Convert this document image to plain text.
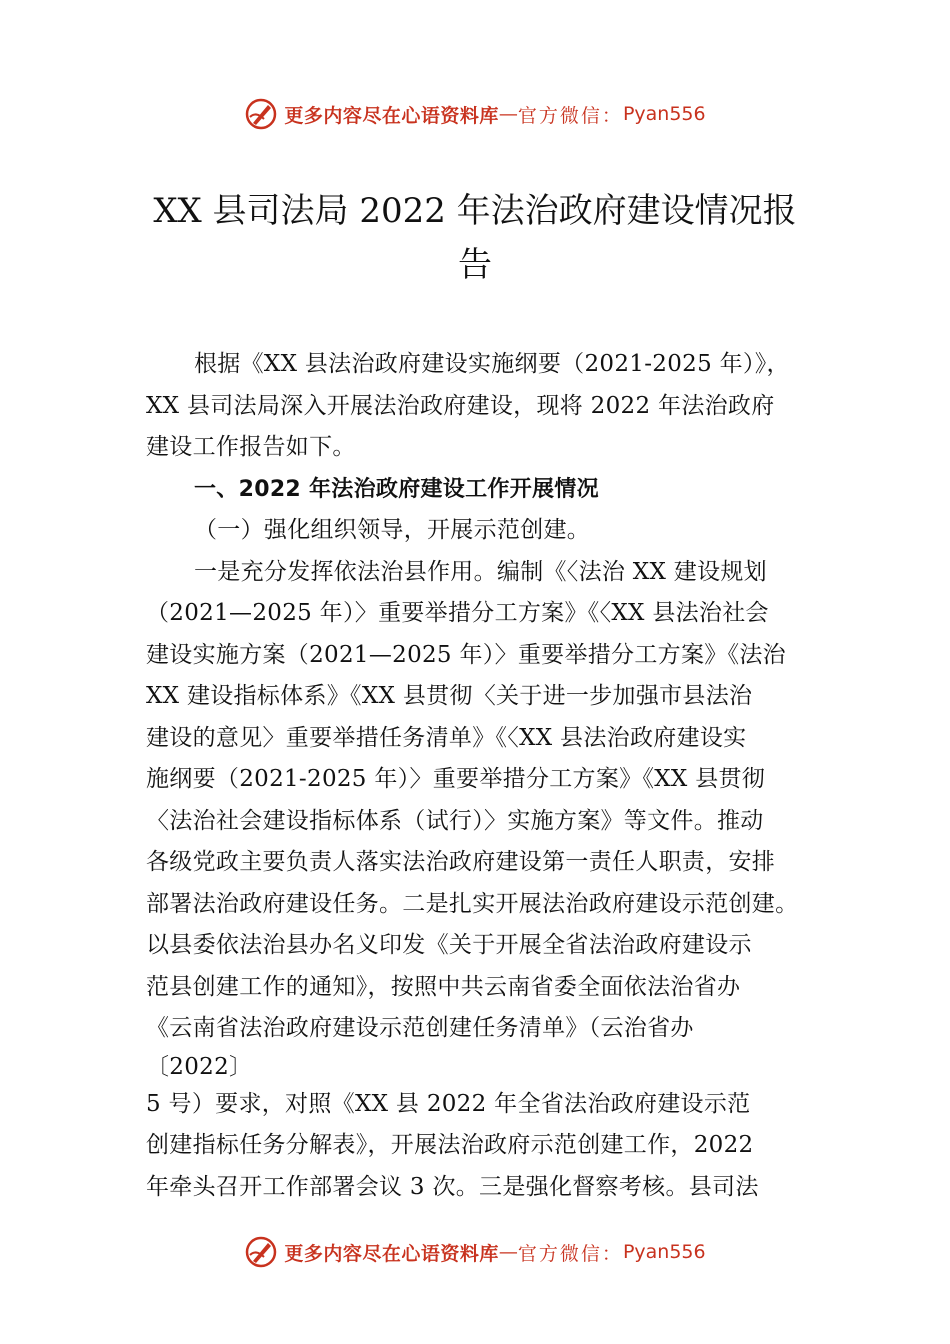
更多内容尽在心语资料库 — 官方微信： Pyan556
XX 县司法局 2022 年法治政府建设情况报
告
根据《XX 县法治政府建设实施纲要（2021-2025 年）》，
XX 县司法局深入开展法治政府建设，现将 2022 年法治政府
建设工作报告如下。
一、2022 年法治政府建设工作开展情况
（一）强化组织领导，开展示范创建。
一是充分发挥依法治县作用。编制《〈法治 XX 建设规划
（2021—2025 年）〉重要举措分工方案》《〈XX 县法治社会
建设实施方案（2021—2025 年）〉重要举措分工方案》《法治
XX 建设指标体系》《XX 县贯彻〈关于进一步加强市县法治
建设的意见〉重要举措任务清单》《〈XX 县法治政府建设实
施纲要（2021-2025 年）〉重要举措分工方案》《XX 县贯彻
〈法治社会建设指标体系（试行）〉实施方案》等文件。推动
各级党政主要负责人落实法治政府建设第一责任人职责，安排
部署法治政府建设任务。二是扎实开展法治政府建设示范创建。
以县委依法治县办名义印发《关于开展全省法治政府建设示
范县创建工作的通知》，按照中共云南省委全面依法治省办
《云南省法治政府建设示范创建任务清单》（云治省办
〔2022〕
5 号）要求，对照《XX 县 2022 年全省法治政府建设示范
创建指标任务分解表》，开展法治政府示范创建工作，2022
年牵头召开工作部署会议 3 次。三是强化督察考核。县司法
更多内容尽在心语资料库 — 官方微信： Pyan556
